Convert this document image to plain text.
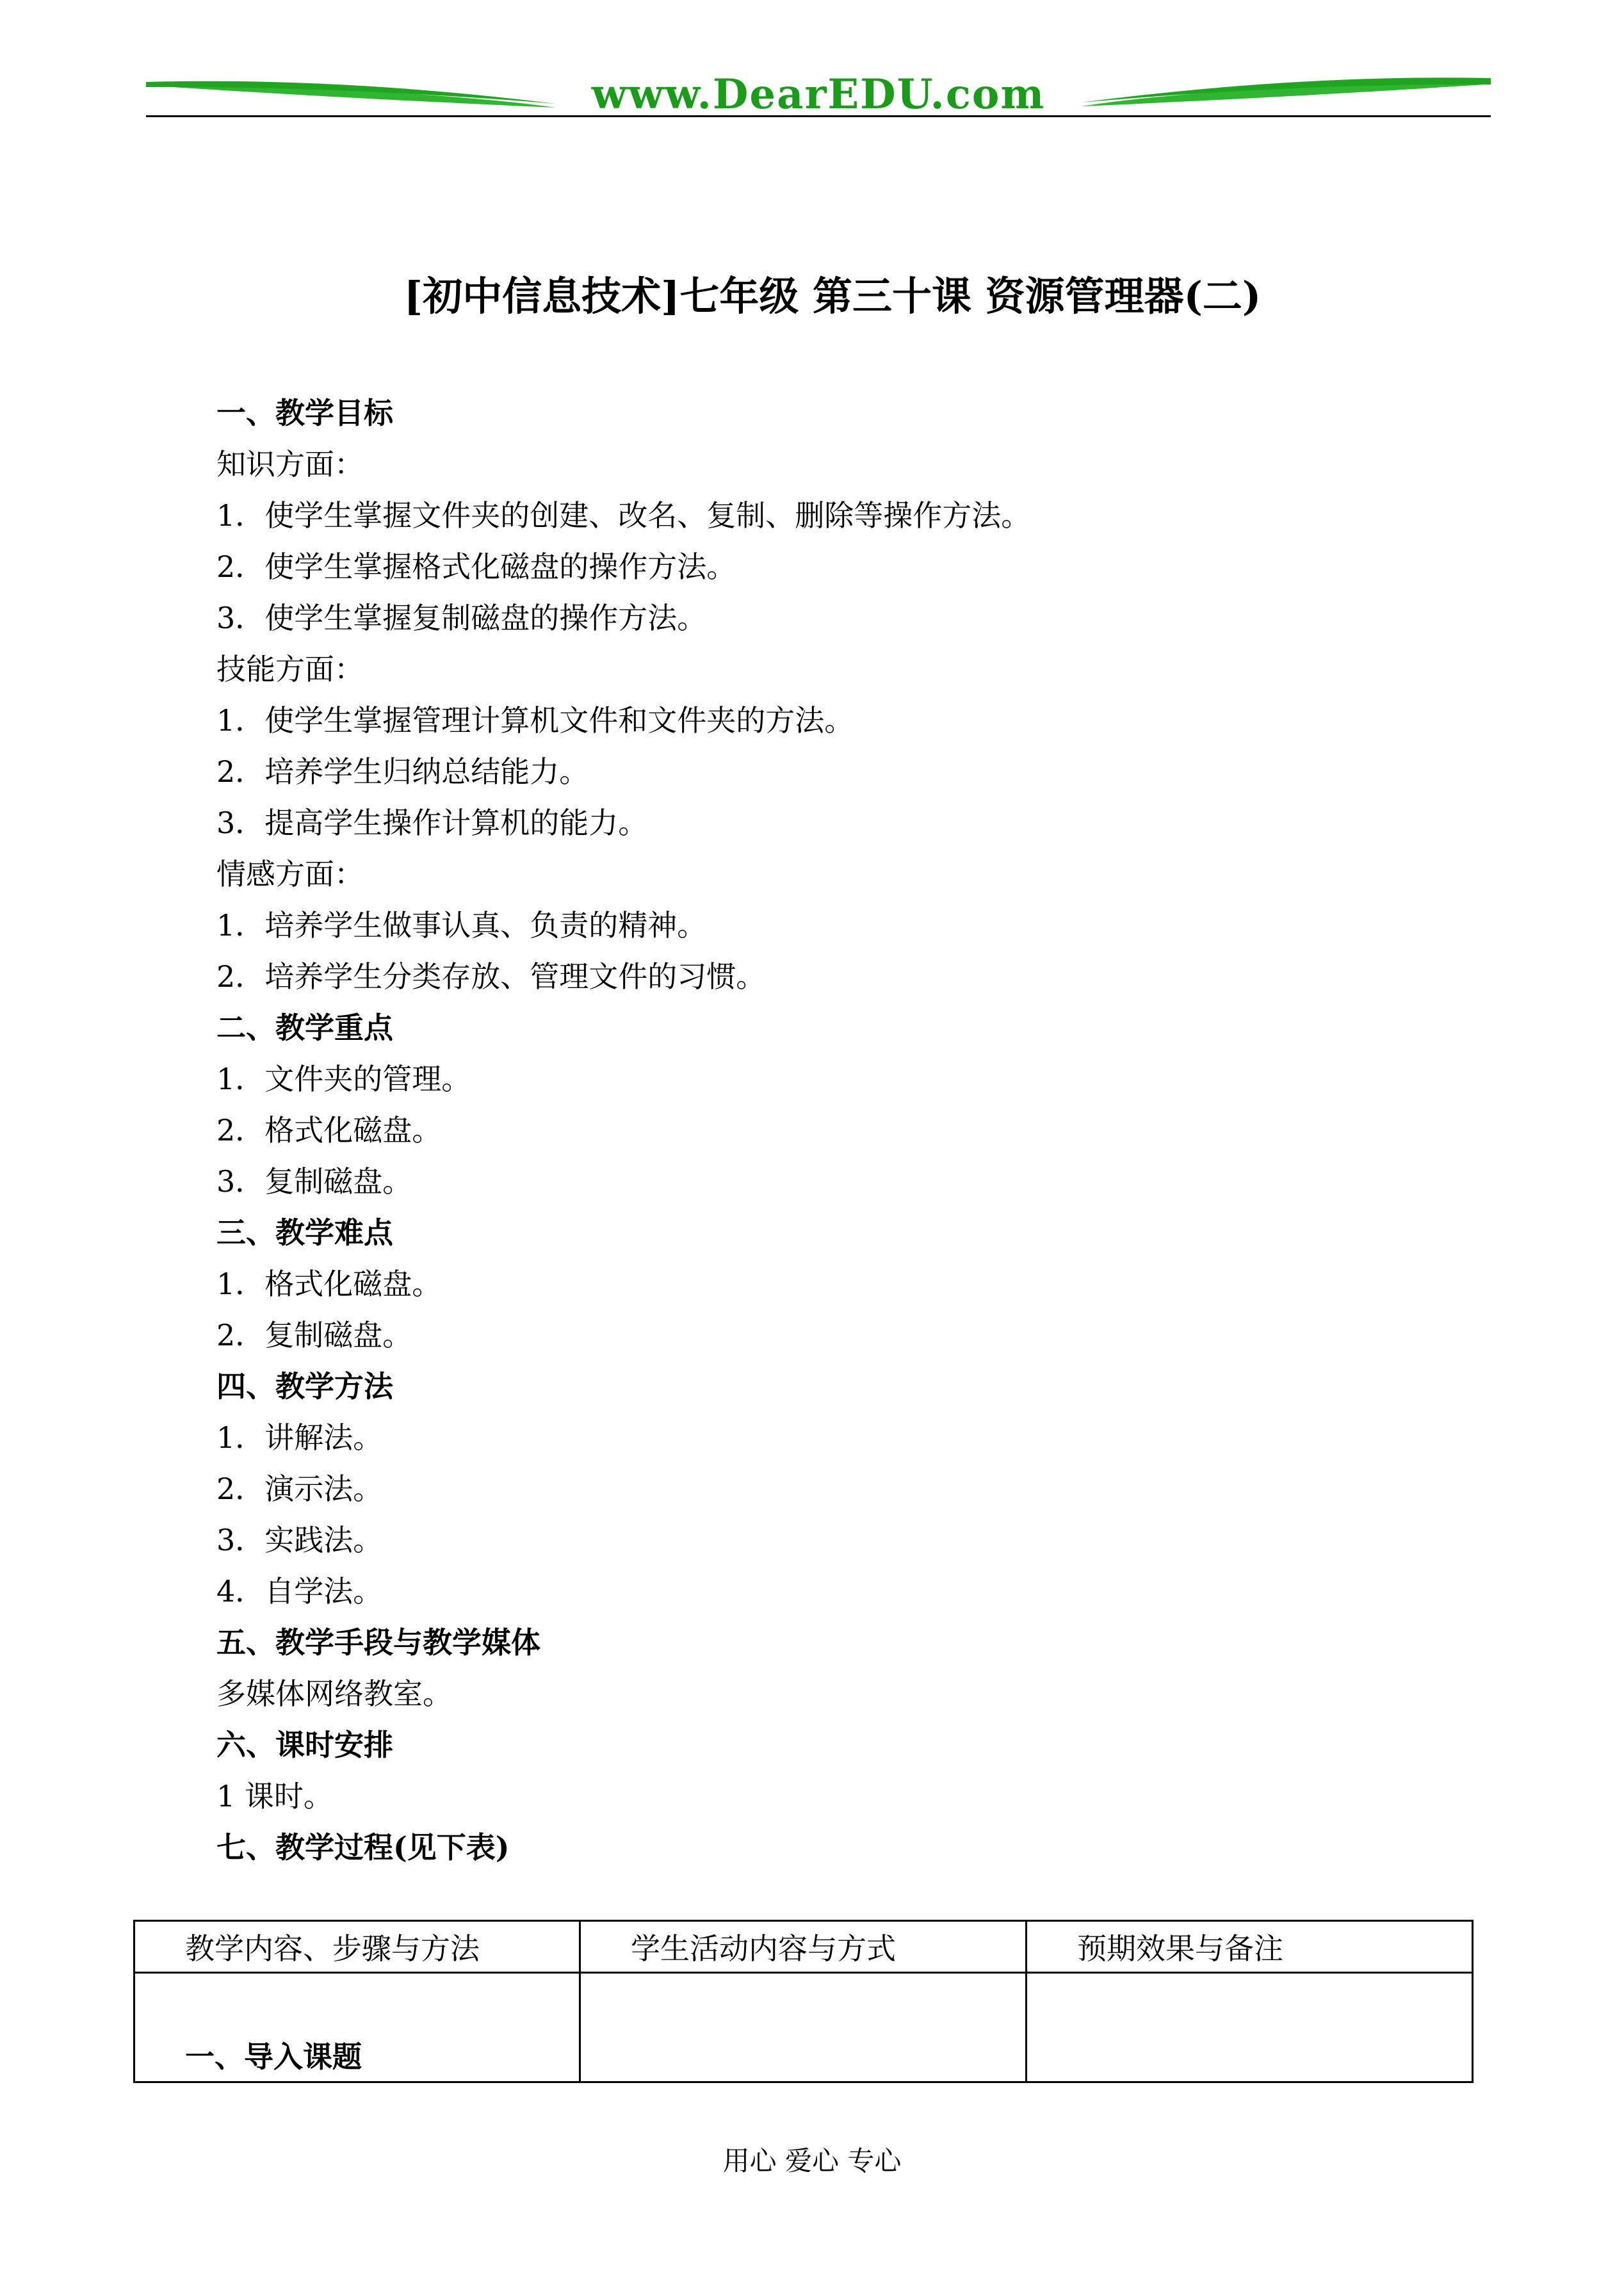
www.DearEDU.com
[初中信息技术]七年级 第三十课 资源管理器(二)
一、教学目标
知识方面：
1．使学生掌握文件夹的创建、改名、复制、删除等操作方法。
2．使学生掌握格式化磁盘的操作方法。
3．使学生掌握复制磁盘的操作方法。
技能方面：
1．使学生掌握管理计算机文件和文件夹的方法。
2．培养学生归纳总结能力。
3．提高学生操作计算机的能力。
情感方面：
1．培养学生做事认真、负责的精神。
2．培养学生分类存放、管理文件的习惯。
二、教学重点
1．文件夹的管理。
2．格式化磁盘。
3．复制磁盘。
三、教学难点
1．格式化磁盘。
2．复制磁盘。
四、教学方法
1．讲解法。
2．演示法。
3．实践法。
4．自学法。
五、教学手段与教学媒体
多媒体网络教室。
六、课时安排
1 课时。
七、教学过程(见下表)
教学内容、步骤与方法	学生活动内容与方式	预期效果与备注
一、导入课题		
用心 爱心 专心
